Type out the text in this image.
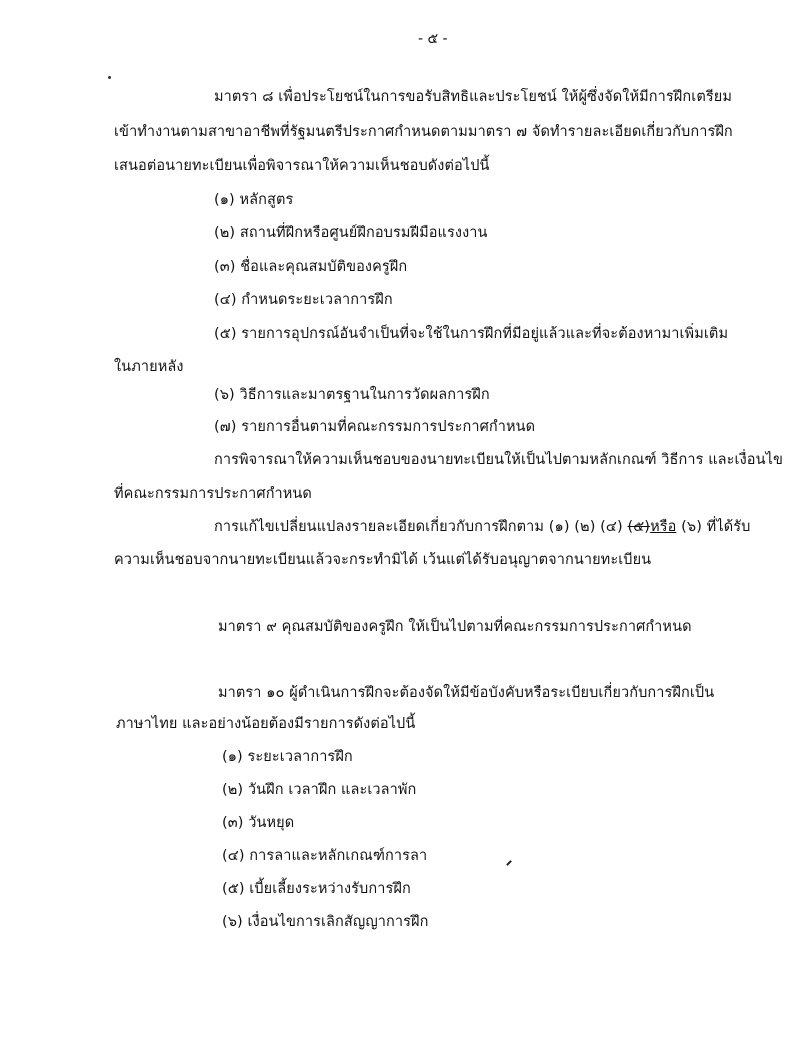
- ๕ -
มาตรา ๘ เพื่อประโยชน์ในการขอรับสิทธิและประโยชน์ ให้ผู้ซึ่งจัดให้มีการฝึกเตรียม
เข้าทำงานตามสาขาอาชีพที่รัฐมนตรีประกาศกำหนดตามมาตรา ๗ จัดทำรายละเอียดเกี่ยวกับการฝึก
เสนอต่อนายทะเบียนเพื่อพิจารณาให้ความเห็นชอบดังต่อไปนี้
(๑) หลักสูตร
(๒) สถานที่ฝึกหรือศูนย์ฝึกอบรมฝีมือแรงงาน
(๓) ชื่อและคุณสมบัติของครูฝึก
(๔) กำหนดระยะเวลาการฝึก
(๕) รายการอุปกรณ์อันจำเป็นที่จะใช้ในการฝึกที่มีอยู่แล้วและที่จะต้องหามาเพิ่มเติม
ในภายหลัง
(๖) วิธีการและมาตรฐานในการวัดผลการฝึก
(๗) รายการอื่นตามที่คณะกรรมการประกาศกำหนด
การพิจารณาให้ความเห็นชอบของนายทะเบียนให้เป็นไปตามหลักเกณฑ์ วิธีการ และเงื่อนไข
ที่คณะกรรมการประกาศกำหนด
การแก้ไขเปลี่ยนแปลงรายละเอียดเกี่ยวกับการฝึกตาม (๑) (๒) (๔) (๕)หรือ (๖) ที่ได้รับ
ความเห็นชอบจากนายทะเบียนแล้วจะกระทำมิได้ เว้นแต่ได้รับอนุญาตจากนายทะเบียน
มาตรา ๙ คุณสมบัติของครูฝึก ให้เป็นไปตามที่คณะกรรมการประกาศกำหนด
มาตรา ๑๐ ผู้ดำเนินการฝึกจะต้องจัดให้มีข้อบังคับหรือระเบียบเกี่ยวกับการฝึกเป็น
ภาษาไทย และอย่างน้อยต้องมีรายการดังต่อไปนี้
(๑) ระยะเวลาการฝึก
(๒) วันฝึก เวลาฝึก และเวลาพัก
(๓) วันหยุด
(๔) การลาและหลักเกณฑ์การลา
(๕) เบี้ยเลี้ยงระหว่างรับการฝึก
(๖) เงื่อนไขการเลิกสัญญาการฝึก
